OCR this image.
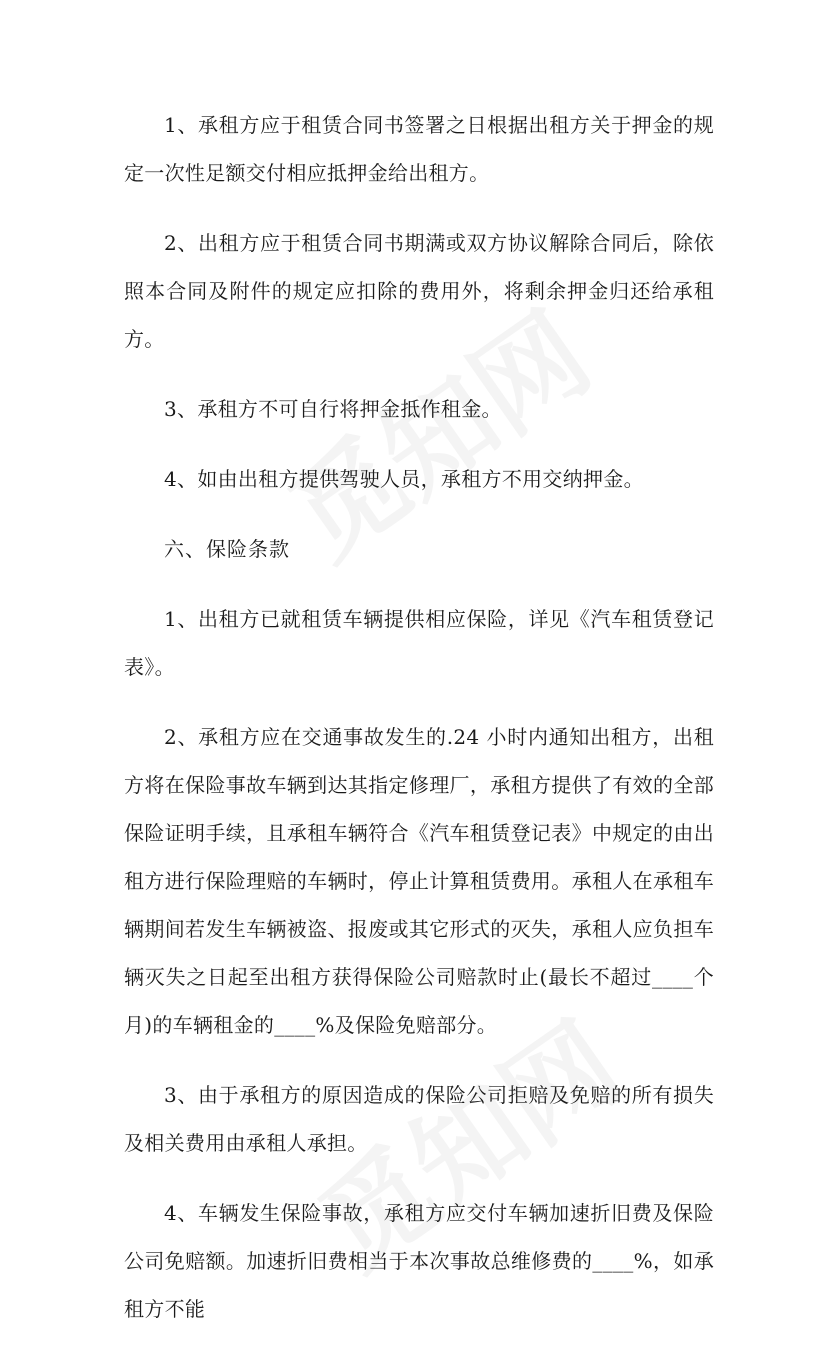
1、承租方应于租赁合同书签署之日根据出租方关于押金的规定一次性足额交付相应抵押金给出租方。

2、出租方应于租赁合同书期满或双方协议解除合同后，除依照本合同及附件的规定应扣除的费用外，将剩余押金归还给承租方。

3、承租方不可自行将押金抵作租金。

4、如由出租方提供驾驶人员，承租方不用交纳押金。

六、保险条款

1、出租方已就租赁车辆提供相应保险，详见《汽车租赁登记表》。

2、承租方应在交通事故发生的.24 小时内通知出租方，出租方将在保险事故车辆到达其指定修理厂，承租方提供了有效的全部保险证明手续，且承租车辆符合《汽车租赁登记表》中规定的由出租方进行保险理赔的车辆时，停止计算租赁费用。承租人在承租车辆期间若发生车辆被盗、报废或其它形式的灭失，承租人应负担车辆灭失之日起至出租方获得保险公司赔款时止(最长不超过____个月)的车辆租金的____%及保险免赔部分。

3、由于承租方的原因造成的保险公司拒赔及免赔的所有损失及相关费用由承租人承担。

4、车辆发生保险事故，承租方应交付车辆加速折旧费及保险公司免赔额。加速折旧费相当于本次事故总维修费的____%，如承租方不能
